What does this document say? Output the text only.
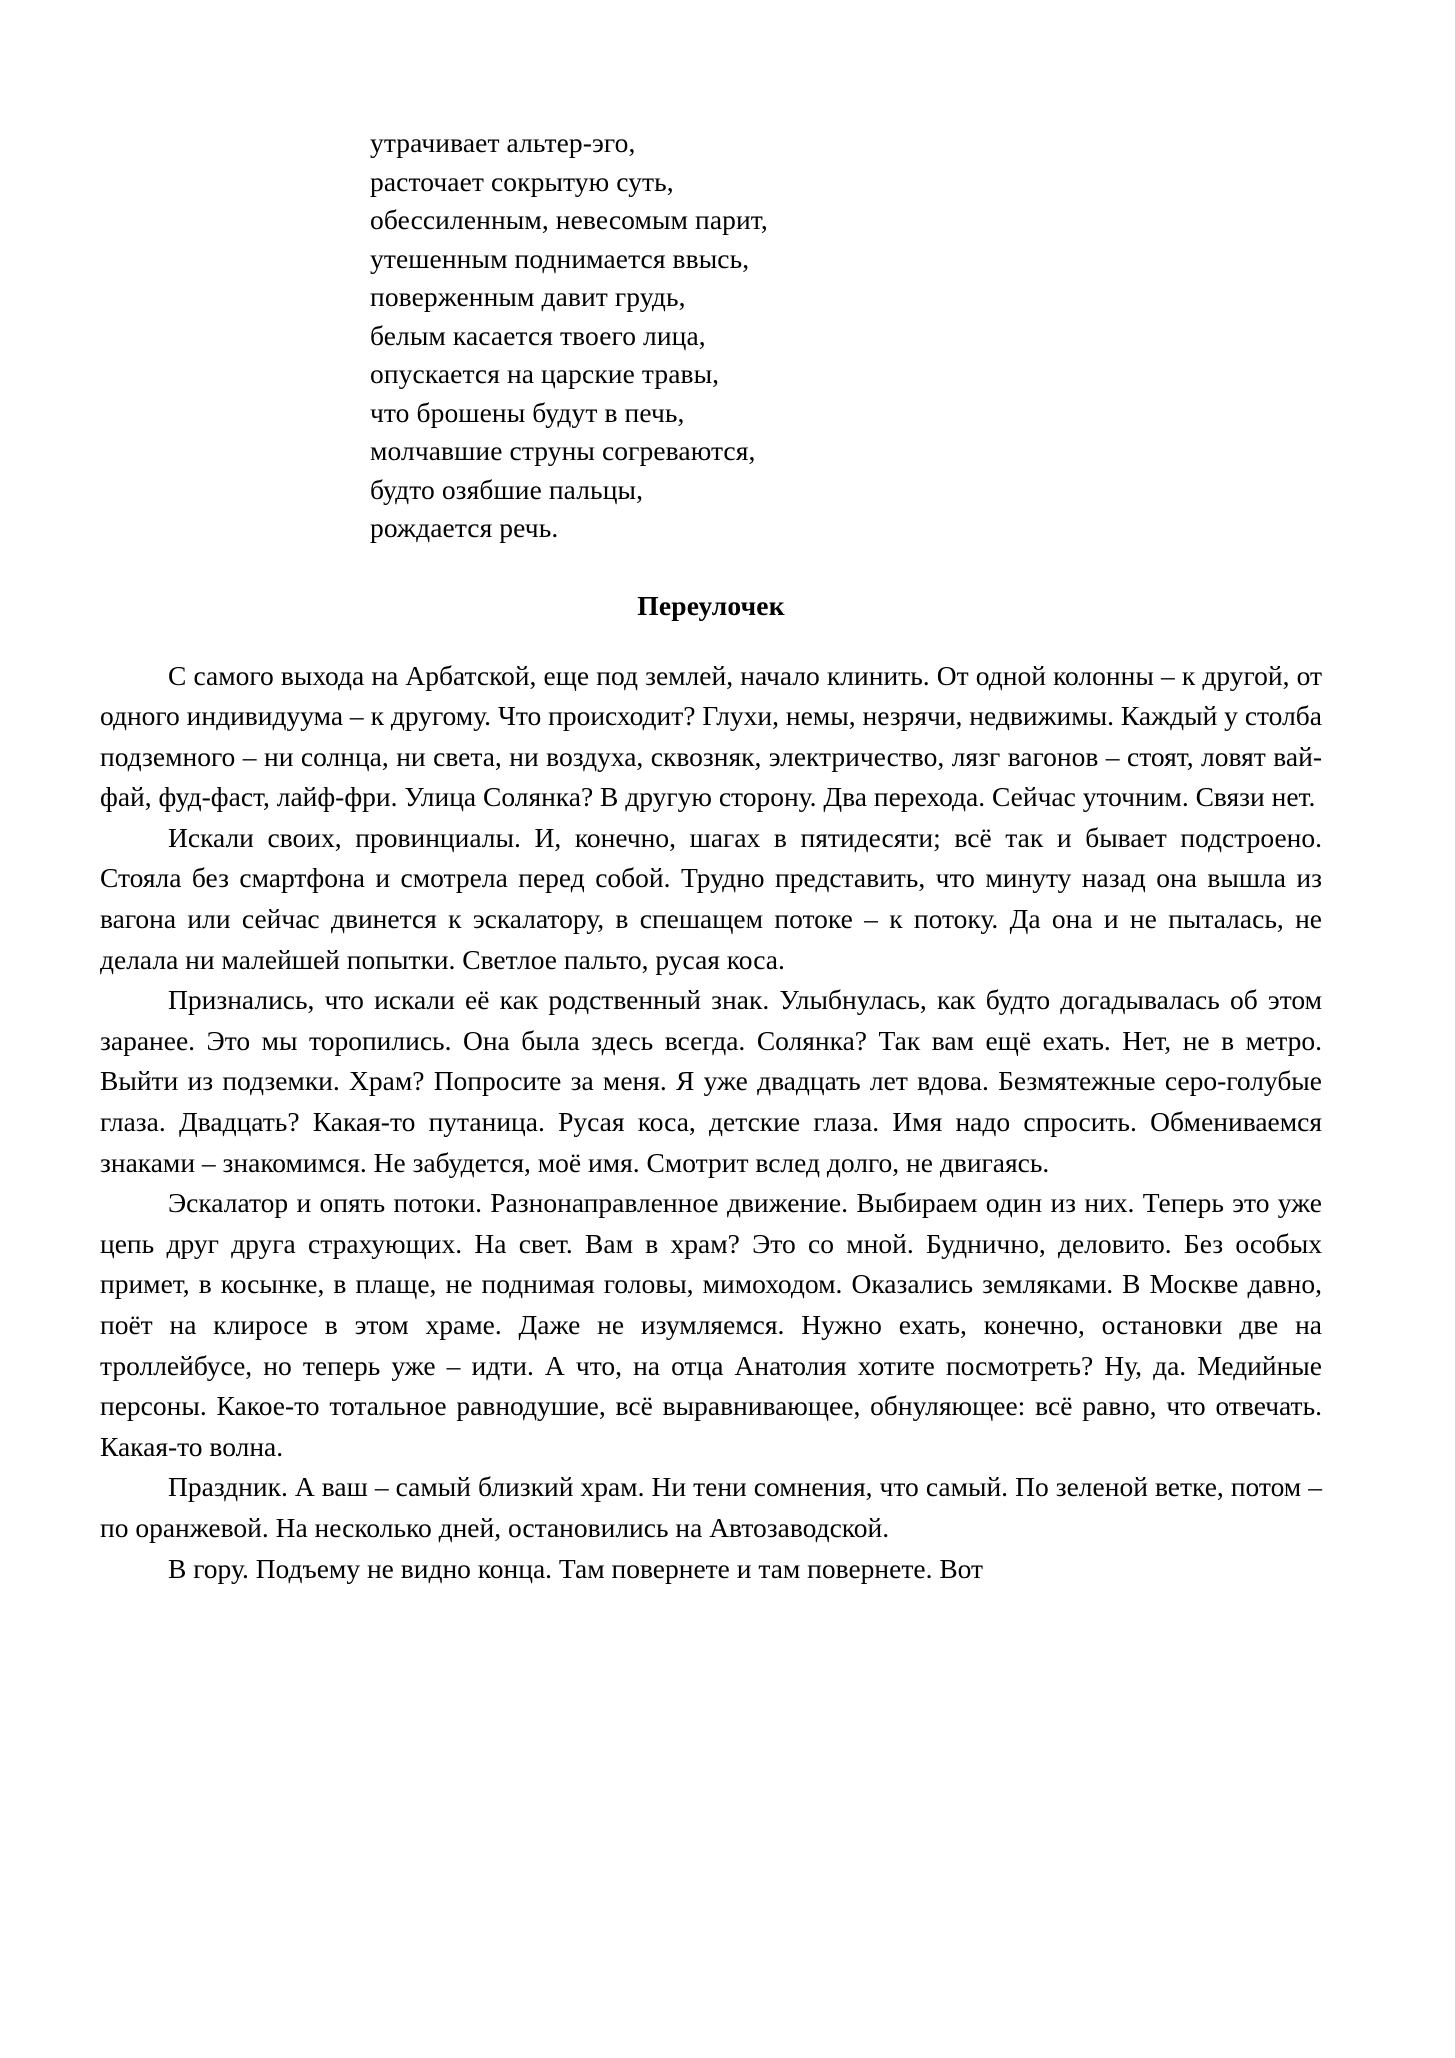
утрачивает альтер-эго,
расточает сокрытую суть,
обессиленным, невесомым парит,
утешенным поднимается ввысь,
поверженным давит грудь,
белым касается твоего лица,
опускается на царские травы,
что брошены будут в печь,
молчавшие струны согреваются,
будто озябшие пальцы,
рождается речь.
Переулочек

С самого выхода на Арбатской, еще под землей, начало клинить. От одной колонны – к другой, от одного индивидуума – к другому. Что происходит? Глухи, немы, незрячи, недвижимы. Каждый у столба подземного – ни солнца, ни света, ни воздуха, сквозняк, электричество, лязг вагонов – стоят, ловят вай-фай, фуд-фаст, лайф-фри. Улица Солянка? В другую сторону. Два перехода. Сейчас уточним. Связи нет.

Искали своих, провинциалы. И, конечно, шагах в пятидесяти; всё так и бывает подстроено. Стояла без смартфона и смотрела перед собой. Трудно представить, что минуту назад она вышла из вагона или сейчас двинется к эскалатору, в спешащем потоке – к потоку. Да она и не пыталась, не делала ни малейшей попытки. Светлое пальто, русая коса.

Признались, что искали её как родственный знак. Улыбнулась, как будто догадывалась об этом заранее. Это мы торопились. Она была здесь всегда. Солянка? Так вам ещё ехать. Нет, не в метро. Выйти из подземки. Храм? Попросите за меня. Я уже двадцать лет вдова. Безмятежные серо-голубые глаза. Двадцать? Какая-то путаница. Русая коса, детские глаза. Имя надо спросить. Обмениваемся знаками – знакомимся. Не забудется, моё имя. Смотрит вслед долго, не двигаясь.

Эскалатор и опять потоки. Разнонаправленное движение. Выбираем один из них. Теперь это уже цепь друг друга страхующих. На свет. Вам в храм? Это со мной. Буднично, деловито. Без особых примет, в косынке, в плаще, не поднимая головы, мимоходом. Оказались земляками. В Москве давно, поёт на клиросе в этом храме. Даже не изумляемся. Нужно ехать, конечно, остановки две на троллейбусе, но теперь уже – идти. А что, на отца Анатолия хотите посмотреть? Ну, да. Медийные персоны. Какое-то тотальное равнодушие, всё выравнивающее, обнуляющее: всё равно, что отвечать. Какая-то волна.

Праздник. А ваш – самый близкий храм. Ни тени сомнения, что самый. По зеленой ветке, потом – по оранжевой. На несколько дней, остановились на Автозаводской.

В гору. Подъему не видно конца. Там повернете и там повернете. Вот
